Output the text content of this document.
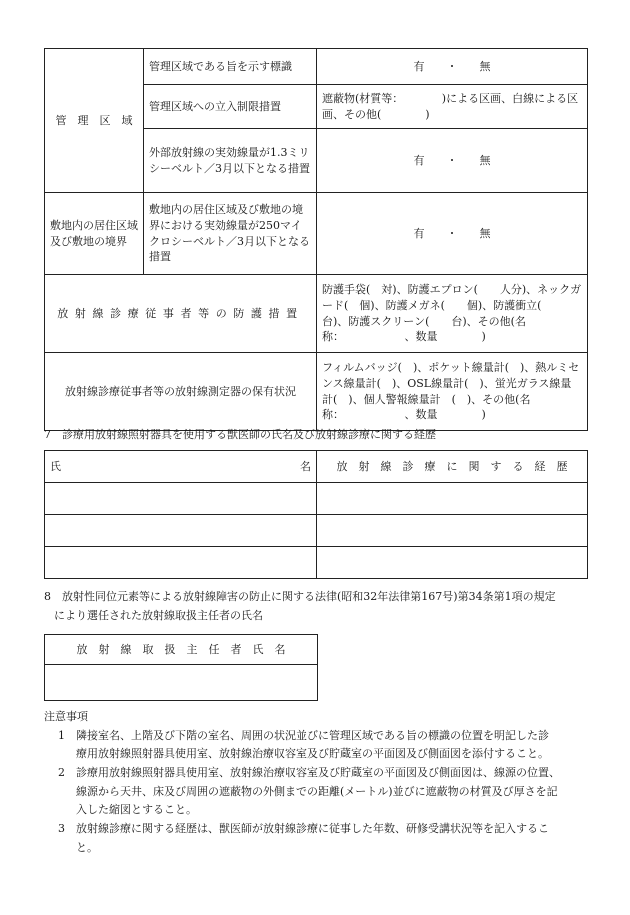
管　理　区　域	管理区域である旨を示す標識	有　　・　　無
	管理区域への立入制限措置	遮蔽物(材質等：　　　　)による区画、白線による区画、その他(　　　　)
	外部放射線の実効線量が1.3ミリシーベルト／3月以下となる措置	有　　・　　無
敷地内の居住区域及び敷地の境界	敷地内の居住区域及び敷地の境界における実効線量が250マイクロシーベルト／3月以下となる措置	有　　・　　無
放射線診療従事者等の防護措置		防護手袋(　対)、防護エプロン(　　人分)、ネックガード(　個)、防護メガネ(　　個)、防護衝立(　　台)、防護スクリーン(　　台)、その他(名称：　　　　　　、数量　　　　)
放射線診療従事者等の放射線測定器の保有状況		フィルムバッジ(　)、ポケット線量計(　)、熱ルミセンス線量計(　)、OSL線量計(　)、蛍光ガラス線量計(　)、個人警報線量計　(　)、その他(名称：　　　　　　、数量　　　　)
7　診療用放射線照射器具を使用する獣医師の氏名及び放射線診療に関する経歴
氏 名	放　射　線　診　療　に　関　す　る　経　歴

8　放射性同位元素等による放射線障害の防止に関する法律(昭和32年法律第167号)第34条第1項の規定
により選任された放射線取扱主任者の氏名
放　射　線　取　扱　主　任　者　氏　名

注意事項
1　 隣接室名、上階及び下階の室名、周囲の状況並びに管理区域である旨の標識の位置を明記した診
療用放射線照射器具使用室、放射線治療収容室及び貯蔵室の平面図及び側面図を添付すること。
2　 診療用放射線照射器具使用室、放射線治療収容室及び貯蔵室の平面図及び側面図は、線源の位置、
線源から天井、床及び周囲の遮蔽物の外側までの距離(メートル)並びに遮蔽物の材質及び厚さを記
入した縮図とすること。
3　 放射線診療に関する経歴は、獣医師が放射線診療に従事した年数、研修受講状況等を記入するこ
と。
